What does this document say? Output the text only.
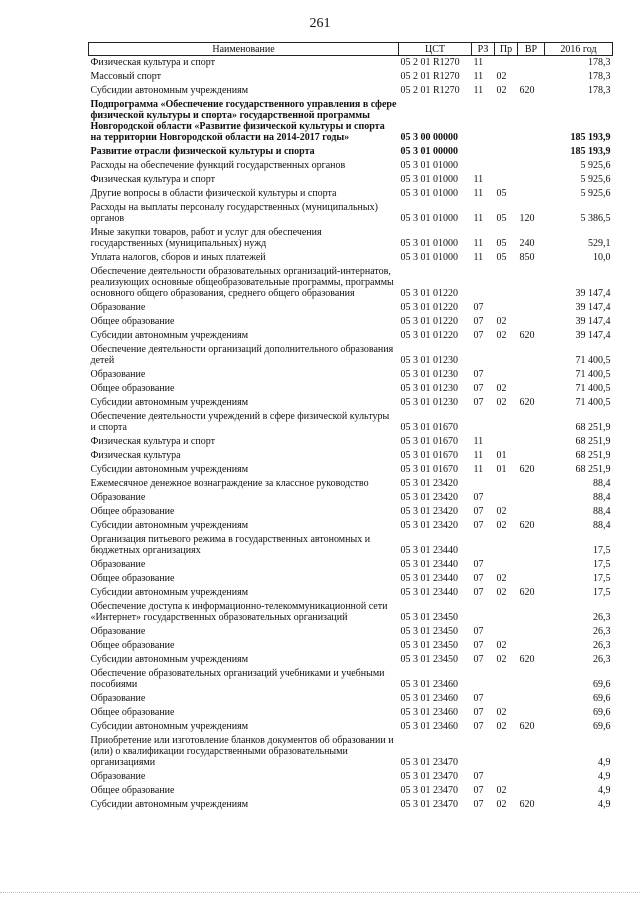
261
Наименование	ЦСТ	РЗ	Пр	ВР	2016 год
Физическая культура и спорт	05 2 01 R1270	11			178,3
Массовый спорт	05 2 01 R1270	11	02		178,3
Субсидии автономным учреждениям	05 2 01 R1270	11	02	620	178,3
Подпрограмма «Обеспечение государственного управления в сфере физической культуры и спорта» государственной программы Новгородской области «Развитие физической культуры и спорта на территории Новгородской области на 2014-2017 годы»	05 3 00 00000				185 193,9
Развитие отрасли физической культуры и спорта	05 3 01 00000				185 193,9
Расходы на обеспечение функций государственных органов	05 3 01 01000				5 925,6
Физическая культура и спорт	05 3 01 01000	11			5 925,6
Другие вопросы в области физической культуры и спорта	05 3 01 01000	11	05		5 925,6
Расходы на выплаты персоналу государственных (муниципальных) органов	05 3 01 01000	11	05	120	5 386,5
Иные закупки товаров, работ и услуг для обеспечения государственных (муниципальных) нужд	05 3 01 01000	11	05	240	529,1
Уплата налогов, сборов и иных платежей	05 3 01 01000	11	05	850	10,0
Обеспечение деятельности образовательных организаций-интернатов, реализующих основные общеобразовательные программы, программы основного общего образования, среднего общего образования	05 3 01 01220				39 147,4
Образование	05 3 01 01220	07			39 147,4
Общее образование	05 3 01 01220	07	02		39 147,4
Субсидии автономным учреждениям	05 3 01 01220	07	02	620	39 147,4
Обеспечение деятельности организаций дополнительного образования детей	05 3 01 01230				71 400,5
Образование	05 3 01 01230	07			71 400,5
Общее образование	05 3 01 01230	07	02		71 400,5
Субсидии автономным учреждениям	05 3 01 01230	07	02	620	71 400,5
Обеспечение деятельности учреждений в сфере физической культуры и спорта	05 3 01 01670				68 251,9
Физическая культура и спорт	05 3 01 01670	11			68 251,9
Физическая культура	05 3 01 01670	11	01		68 251,9
Субсидии автономным учреждениям	05 3 01 01670	11	01	620	68 251,9
Ежемесячное денежное вознаграждение за классное руководство	05 3 01 23420				88,4
Образование	05 3 01 23420	07			88,4
Общее образование	05 3 01 23420	07	02		88,4
Субсидии автономным учреждениям	05 3 01 23420	07	02	620	88,4
Организация питьевого режима в государственных автономных и бюджетных организациях	05 3 01 23440				17,5
Образование	05 3 01 23440	07			17,5
Общее образование	05 3 01 23440	07	02		17,5
Субсидии автономным учреждениям	05 3 01 23440	07	02	620	17,5
Обеспечение доступа к информационно-телекоммуникационной сети «Интернет» государственных образовательных организаций	05 3 01 23450				26,3
Образование	05 3 01 23450	07			26,3
Общее образование	05 3 01 23450	07	02		26,3
Субсидии автономным учреждениям	05 3 01 23450	07	02	620	26,3
Обеспечение образовательных организаций учебниками и учебными пособиями	05 3 01 23460				69,6
Образование	05 3 01 23460	07			69,6
Общее образование	05 3 01 23460	07	02		69,6
Субсидии автономным учреждениям	05 3 01 23460	07	02	620	69,6
Приобретение или изготовление бланков документов об образовании и (или) о квалификации государственными образовательными организациями	05 3 01 23470				4,9
Образование	05 3 01 23470	07			4,9
Общее образование	05 3 01 23470	07	02		4,9
Субсидии автономным учреждениям	05 3 01 23470	07	02	620	4,9
